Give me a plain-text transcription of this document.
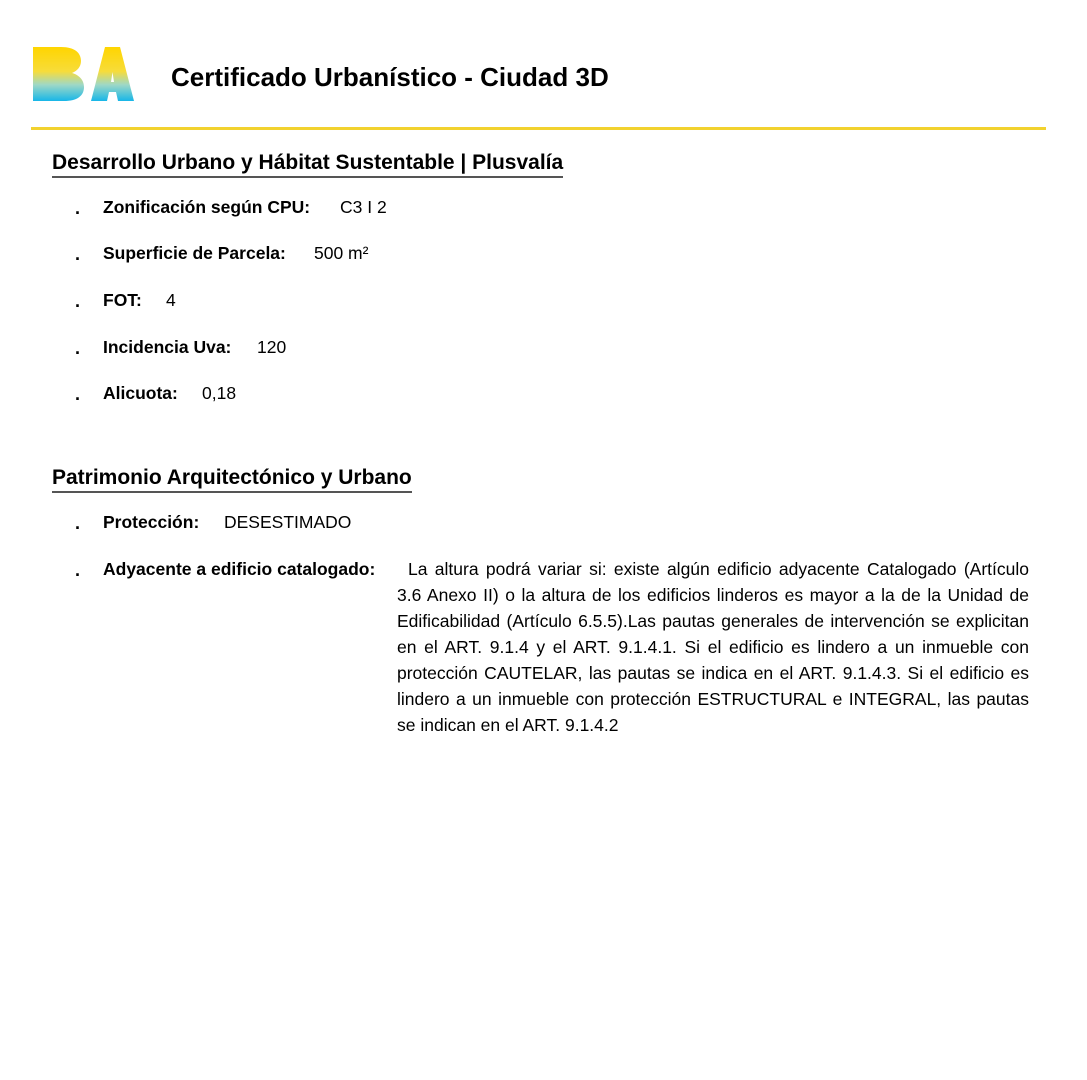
Certificado Urbanístico - Ciudad 3D
Desarrollo Urbano y Hábitat Sustentable | Plusvalía
. Zonificación según CPU: C3 I 2
. Superficie de Parcela: 500 m²
. FOT: 4
. Incidencia Uva: 120
. Alicuota: 0,18
Patrimonio Arquitectónico y Urbano
. Protección: DESESTIMADO
. Adyacente a edificio catalogado:	La altura podrá variar si: existe algún edificio adyacente Catalogado (Artículo 3.6 Anexo II) o la altura de los edificios linderos es mayor a la de la Unidad de Edificabilidad (Artículo 6.5.5).Las pautas generales de intervención se explicitan en el ART. 9.1.4 y el ART. 9.1.4.1. Si el edificio es lindero a un inmueble con protección CAUTELAR, las pautas se indica en el ART. 9.1.4.3. Si el edificio es lindero a un inmueble con protección ESTRUCTURAL e INTEGRAL, las pautas se indican en el ART. 9.1.4.2
